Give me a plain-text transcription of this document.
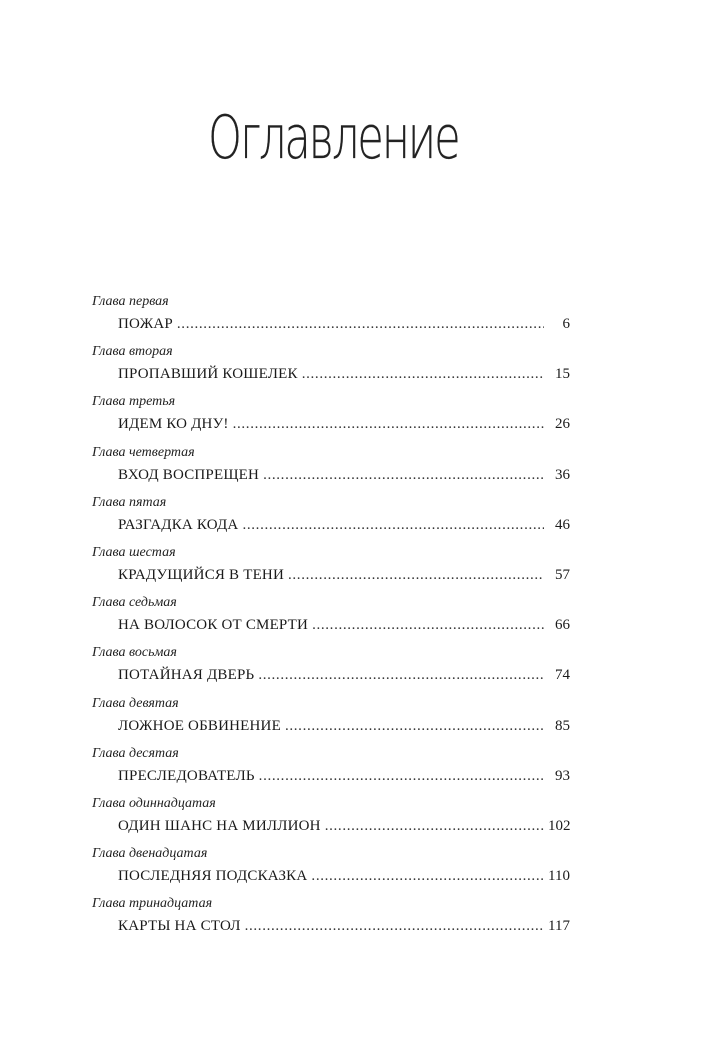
Оглавление
Глава первая
ПОЖАР . . .	6
Глава вторая
ПРОПАВШИЙ КОШЕЛЕК . . .	15
Глава третья
ИДЕМ КО ДНУ! . . .	26
Глава четвертая
ВХОД ВОСПРЕЩЕН . . .	36
Глава пятая
РАЗГАДКА КОДА . . .	46
Глава шестая
КРАДУЩИЙСЯ В ТЕНИ . . .	57
Глава седьмая
НА ВОЛОСОК ОТ СМЕРТИ . . .	66
Глава восьмая
ПОТАЙНАЯ ДВЕРЬ . . .	74
Глава девятая
ЛОЖНОЕ ОБВИНЕНИЕ . . .	85
Глава десятая
ПРЕСЛЕДОВАТЕЛЬ . . .	93
Глава одиннадцатая
ОДИН ШАНС НА МИЛЛИОН . . .	102
Глава двенадцатая
ПОСЛЕДНЯЯ ПОДСКАЗКА . . .	110
Глава тринадцатая
КАРТЫ НА СТОЛ . . .	117
